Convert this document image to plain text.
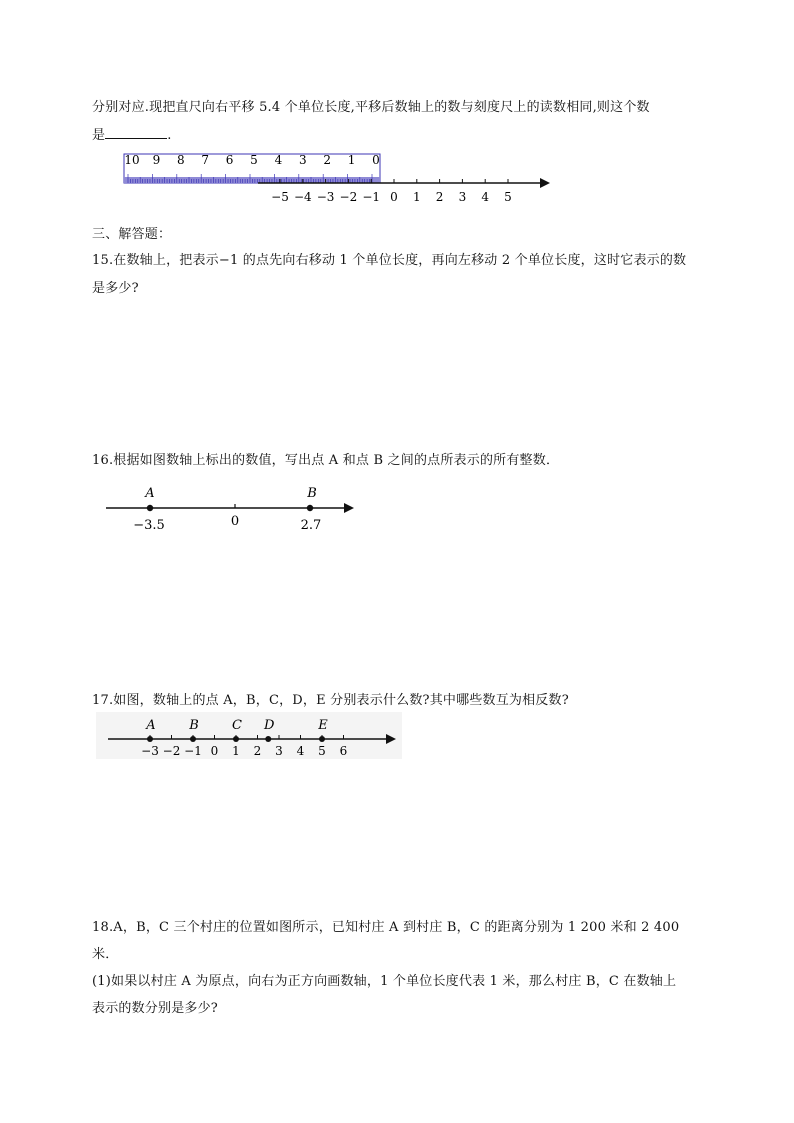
分别对应.现把直尺向右平移 5.4 个单位长度,平移后数轴上的数与刻度尺上的读数相同,则这个数
是	.
10 9 8 7 6 5 4 3 2 1 0
−5 −4 −3 −2 −1 0 1 2 3 4 5
三、解答题：
15.在数轴上，把表示−1 的点先向右移动 1 个单位长度，再向左移动 2 个单位长度，这时它表示的数
是多少?
16.根据如图数轴上标出的数值，写出点 A 和点 B 之间的点所表示的所有整数．
A	B
−3.5	0	2.7
17.如图，数轴上的点 A，B，C，D，E 分别表示什么数?其中哪些数互为相反数?
−3 −2 −1 0 1 2 3 4 5 6
A	B	C D	E
18.A，B，C 三个村庄的位置如图所示，已知村庄 A 到村庄 B，C 的距离分别为 1 200 米和 2 400
米．
(1)如果以村庄 A 为原点，向右为正方向画数轴，1 个单位长度代表 1 米，那么村庄 B，C 在数轴上
表示的数分别是多少?
